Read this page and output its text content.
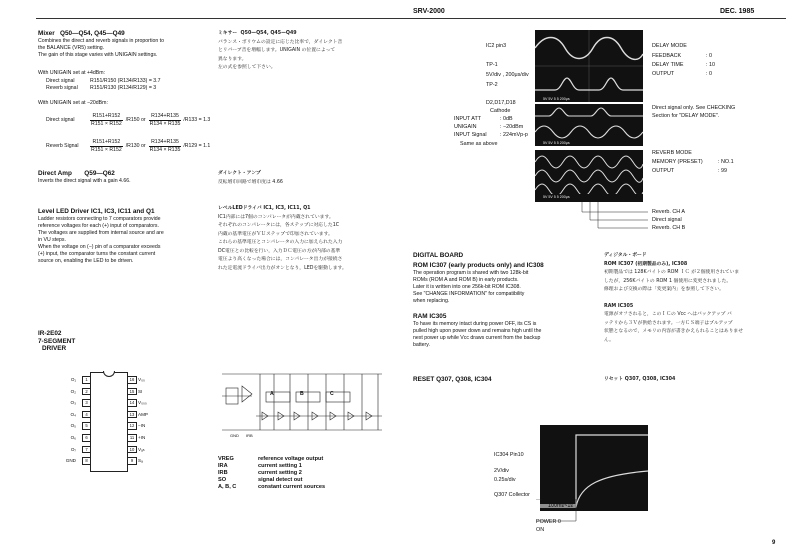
SRV-2000	DEC. 1985
9
Mixer Q50—Q54, Q45—Q49
Combines the direct and reverb signals in proportion to
the BALANCE (VR5) setting.
The gain of this stage varies with UNIGAIN settings.
With UNIGAIN set at +4dBm:
Direct signal	R151/R150 (R134/R133) = 3.7
Reverb signal R151/R130 (R134/R129) = 3
With UNIGAIN set at −20dBm:
Direct signal	$\frac{R151+R152}{R151 \times R152} /R150$ or $\frac{R134+R135}{R134 \times R135} /R133 = 1.3$
Reverb Signal	$\frac{R151+R152}{R151 \times R152} /R130$ or $\frac{R134+R135}{R134 \times R135} /R129 = 1.1$
ミキサー Q50—Q54, Q45—Q49
バランス・ボリウムの設定に応じた比率で，ダイレクト音
とリバーブ音を増幅します。UNIGAIN の位置によって
異なります。
左の式を参照して下さい。
Direct Amp Q59—Q62
Inverts the direct signal with a gain 4.66.
ダイレクト・アンプ
反転増巾回路で増巾度は 4.66
Level LED Driver IC1, IC3, IC11 and Q1
Ladder resistors connecting to 7 comparators provide
reference voltages for each (+) input of comparators.
The voltages are supplied from internal source and are
in VU steps.
When the voltage on (−) pin of a comparator exceeds
(+) input, the comparator turns the constant current
source on, enabling the LED to be driven.
レベルLEDドライバ IC1, IC3, IC11, Q1
IC1内部には7個のコンパレータが内蔵されています。
それぞれのコンパレータには，各ステップに対応した1C
内蔵の基準電圧がＶＵステップで印加されています。
これらの基準電圧とコンパレータの入力に加えられた入力
DC電圧との比較を行い，入力ＤＣ電圧の方が内部の基準
電圧より高くなった場合には，コンパレータ出力が接続さ
れた定電流ドライバ出力がオンとなり，LEDを駆動します。
IR-2E02
7-SEGMENT
DRIVER
O₁	1
O₂	2
O₃	3
O₄	4
O₅	5
O₆	6
O₇	7
GND	8
16 V₀₀
15 SI
14 V₀₀₀
13 AMP
12 −IN
11 +IN
10 Vₐₕ
9	Sₐ
A	B	C
GND IRB
VREG	reference voltage output
IRA	current setting 1
IRB	current setting 2
SO	signal detect out
A, B, C	constant current sources
IC2 pin3
TP-1
5V/div , 200μs/div
TP-2
5V 5V 5 5 200μs
DELAY MODE
FEEDBACK	: 0
DELAY TIME	: 10
OUTPUT	: 0
D2,D17,D18
Cathode
INPUT ATT	: 0dB
UNIGAIN	: −20dBm
INPUT Signal : 224mVp-p
Same as above	5V 5V 5 5 200μs
Direct signal only. See CHECKING
Section for "DELAY MODE".
5V 5V 5 5 200μs
REVERB MODE
MEMORY (PRESET)	: NO.1
OUTPUT	: 99
Reverb. CH A
Direct signal
Reverb. CH B
DIGITAL BOARD
ROM IC307 (early products only) and IC308
The operation program is shared with two 128k-bit
ROMs (ROM A and ROM B) in early products.
Later it is written into one 256k-bit ROM IC308.
See "CHANGE INFORMATION" for compatibility
when replacing.
RAM IC305
To have its memory intact during power OFF, its CS is
pulled high upon power down and remains high until the
next power up while Vcc draws current from the backup
battery.
RESET Q307, Q308, IC304
ディジタル・ボード
ROM IC307 (初期製品のみ), IC308
初期製品では 128Kバイトの ROM ＩＣ が２個使用されていま
したが，256Kバイトの ROM 1 個使用に変更されました。
修理および交換の際は「変更案内」を参照して下さい。
RAM IC305
電源がオフされると，このＩＣの Vcc へはバックアップ バ
ッテリから３Ｖが供給されます。一方ＣＳ端子はプルアップ
状態となるので，メモリの内容が書きかえられることはありませ
ん。
リセット Q307, Q308, IC304
IC304 Pin10
2V/div
0.25s/div
Q307 Collector
100ms~1s
POWER 0
ON
